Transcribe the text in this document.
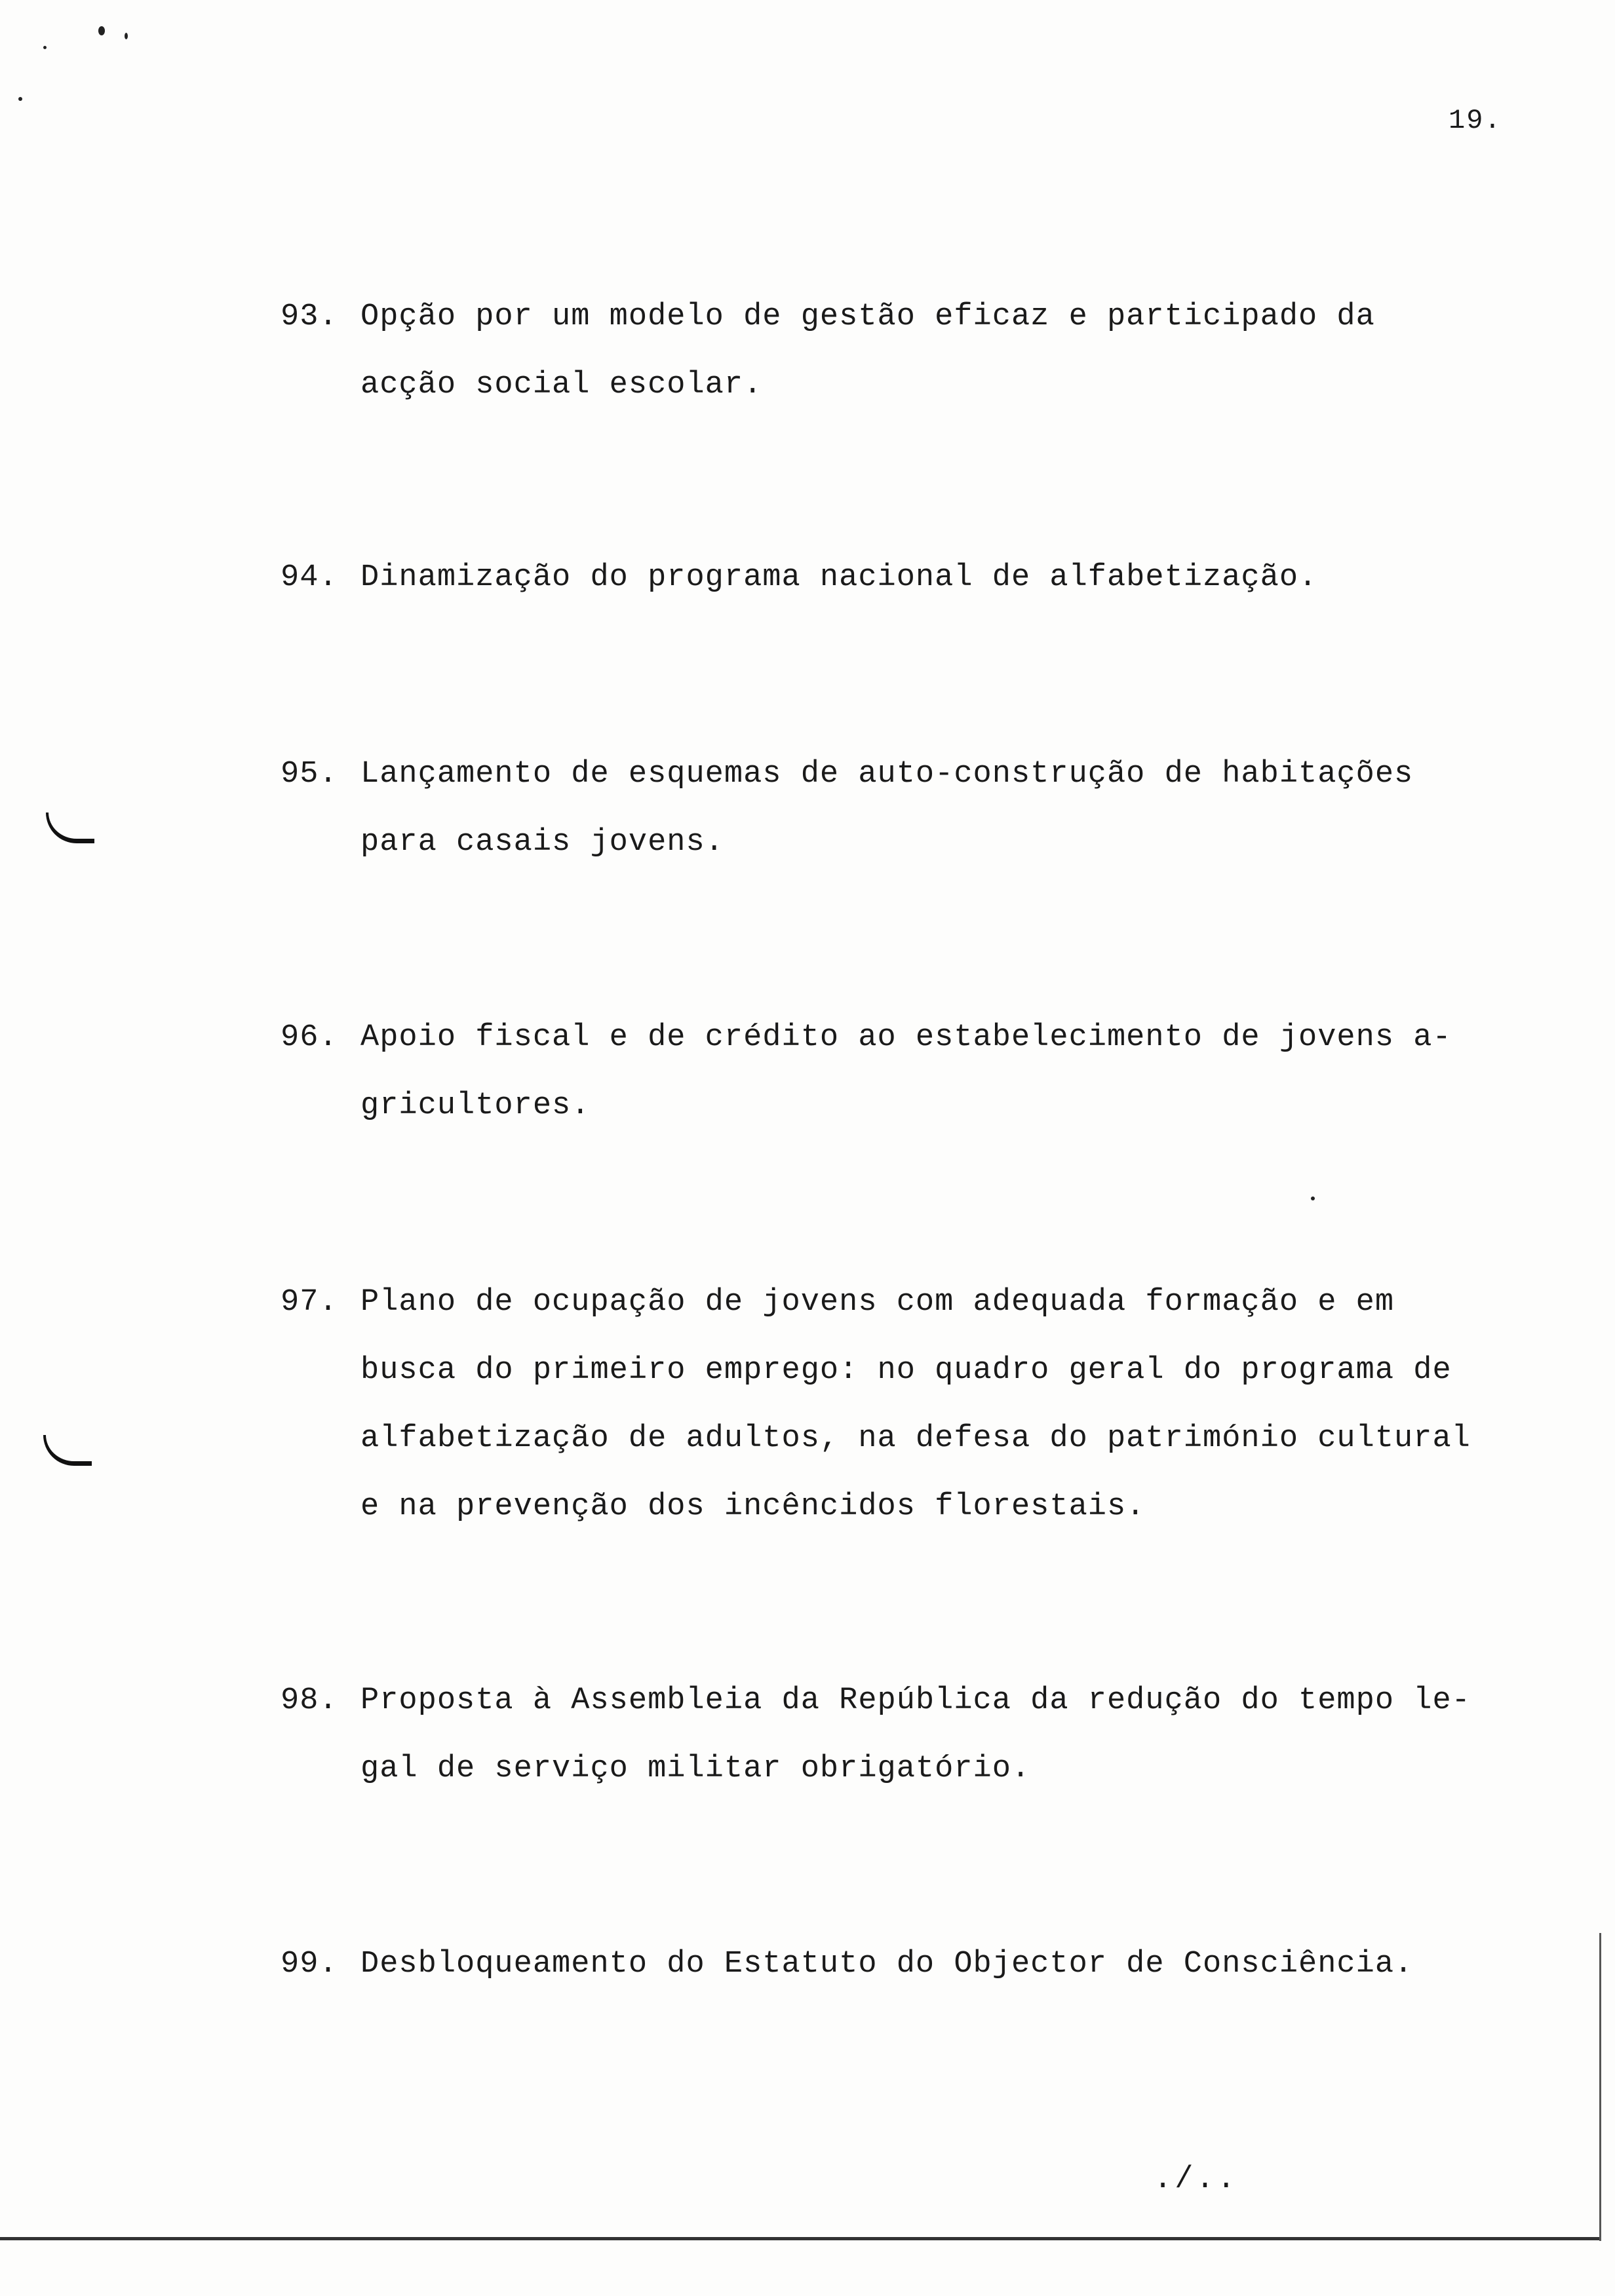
19.
93. Opção por um modelo de gestão eficaz e participado da
acção social escolar.
94. Dinamização do programa nacional de alfabetização.
95. Lançamento de esquemas de auto-construção de habitações
para casais jovens.
96. Apoio fiscal e de crédito ao estabelecimento de jovens a-
gricultores.
97. Plano de ocupação de jovens com adequada formação e em
busca do primeiro emprego: no quadro geral do programa de
alfabetização de adultos, na defesa do património cultural
e na prevenção dos incêncidos florestais.
98. Proposta à Assembleia da República da redução do tempo le-
gal de serviço militar obrigatório.
99. Desbloqueamento do Estatuto do Objector de Consciência.
./..
